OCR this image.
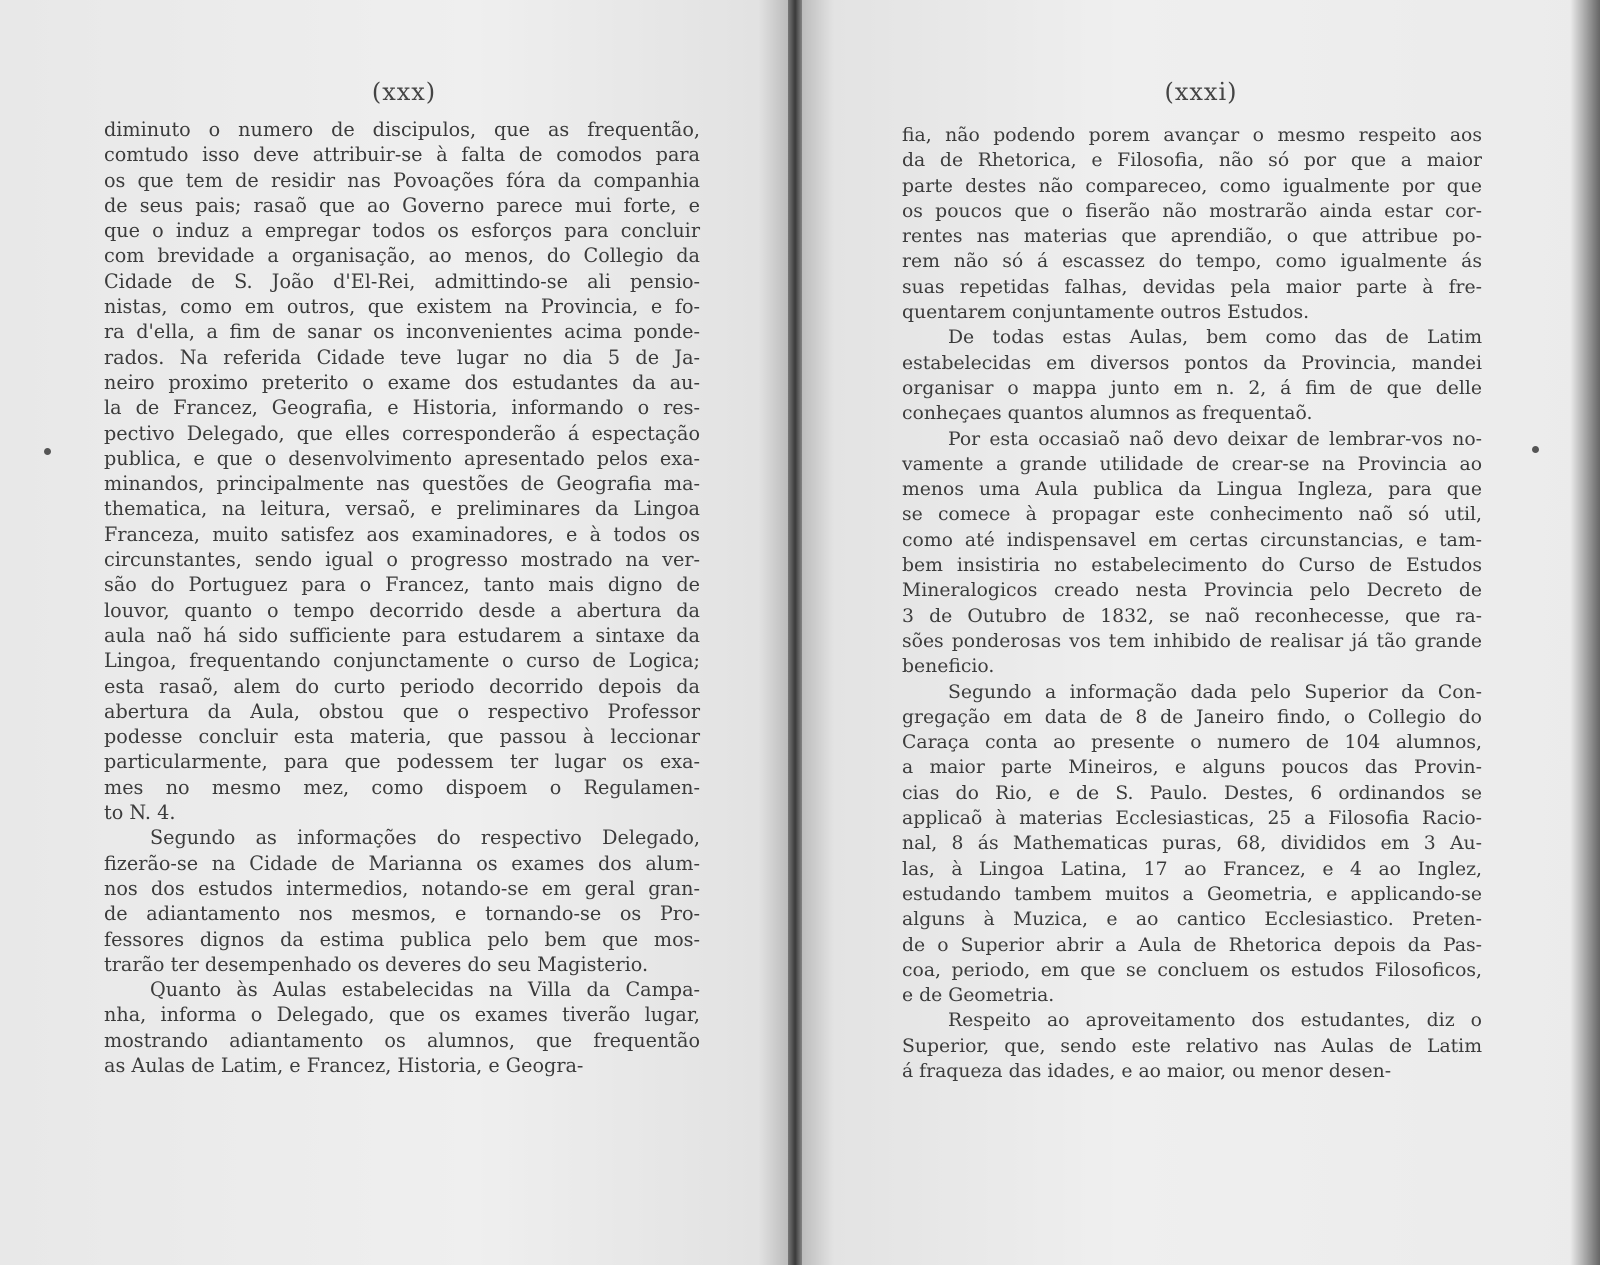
(xxx)
diminuto o numero de discipulos, que as frequentão,
comtudo isso deve attribuir-se à falta de comodos para
os que tem de residir nas Povoações fóra da companhia
de seus pais; rasaõ que ao Governo parece mui forte, e
que o induz a empregar todos os esforços para concluir
com brevidade a organisação, ao menos, do Collegio da
Cidade de S. João d'El-Rei, admittindo-se ali pensio-
nistas, como em outros, que existem na Provincia, e fo-
ra d'ella, a fim de sanar os inconvenientes acima ponde-
rados. Na referida Cidade teve lugar no dia 5 de Ja-
neiro proximo preterito o exame dos estudantes da au-
la de Francez, Geografia, e Historia, informando o res-
pectivo Delegado, que elles corresponderão á espectação
publica, e que o desenvolvimento apresentado pelos exa-
minandos, principalmente nas questões de Geografia ma-
thematica, na leitura, versaõ, e preliminares da Lingoa
Franceza, muito satisfez aos examinadores, e à todos os
circunstantes, sendo igual o progresso mostrado na ver-
são do Portuguez para o Francez, tanto mais digno de
louvor, quanto o tempo decorrido desde a abertura da
aula naõ há sido sufficiente para estudarem a sintaxe da
Lingoa, frequentando conjunctamente o curso de Logica;
esta rasaõ, alem do curto periodo decorrido depois da
abertura da Aula, obstou que o respectivo Professor
podesse concluir esta materia, que passou à leccionar
particularmente, para que podessem ter lugar os exa-
mes no mesmo mez, como dispoem o Regulamen-
to N. 4.
Segundo as informações do respectivo Delegado,
fizerão-se na Cidade de Marianna os exames dos alum-
nos dos estudos intermedios, notando-se em geral gran-
de adiantamento nos mesmos, e tornando-se os Pro-
fessores dignos da estima publica pelo bem que mos-
trarão ter desempenhado os deveres do seu Magisterio.
Quanto às Aulas estabelecidas na Villa da Campa-
nha, informa o Delegado, que os exames tiverão lugar,
mostrando adiantamento os alumnos, que frequentão
as Aulas de Latim, e Francez, Historia, e Geogra-
(xxxi)
fia, não podendo porem avançar o mesmo respeito aos
da de Rhetorica, e Filosofia, não só por que a maior
parte destes não compareceo, como igualmente por que
os poucos que o fiserão não mostrarão ainda estar cor-
rentes nas materias que aprendião, o que attribue po-
rem não só á escassez do tempo, como igualmente ás
suas repetidas falhas, devidas pela maior parte à fre-
quentarem conjuntamente outros Estudos.
De todas estas Aulas, bem como das de Latim
estabelecidas em diversos pontos da Provincia, mandei
organisar o mappa junto em n. 2, á fim de que delle
conheçaes quantos alumnos as frequentaõ.
Por esta occasiaõ naõ devo deixar de lembrar-vos no-
vamente a grande utilidade de crear-se na Provincia ao
menos uma Aula publica da Lingua Ingleza, para que
se comece à propagar este conhecimento naõ só util,
como até indispensavel em certas circunstancias, e tam-
bem insistiria no estabelecimento do Curso de Estudos
Mineralogicos creado nesta Provincia pelo Decreto de
3 de Outubro de 1832, se naõ reconhecesse, que ra-
sões ponderosas vos tem inhibido de realisar já tão grande
beneficio.
Segundo a informação dada pelo Superior da Con-
gregação em data de 8 de Janeiro findo, o Collegio do
Caraça conta ao presente o numero de 104 alumnos,
a maior parte Mineiros, e alguns poucos das Provin-
cias do Rio, e de S. Paulo. Destes, 6 ordinandos se
applicaõ à materias Ecclesiasticas, 25 a Filosofia Racio-
nal, 8 ás Mathematicas puras, 68, divididos em 3 Au-
las, à Lingoa Latina, 17 ao Francez, e 4 ao Inglez,
estudando tambem muitos a Geometria, e applicando-se
alguns à Muzica, e ao cantico Ecclesiastico. Preten-
de o Superior abrir a Aula de Rhetorica depois da Pas-
coa, periodo, em que se concluem os estudos Filosoficos,
e de Geometria.
Respeito ao aproveitamento dos estudantes, diz o
Superior, que, sendo este relativo nas Aulas de Latim
á fraqueza das idades, e ao maior, ou menor desen-
